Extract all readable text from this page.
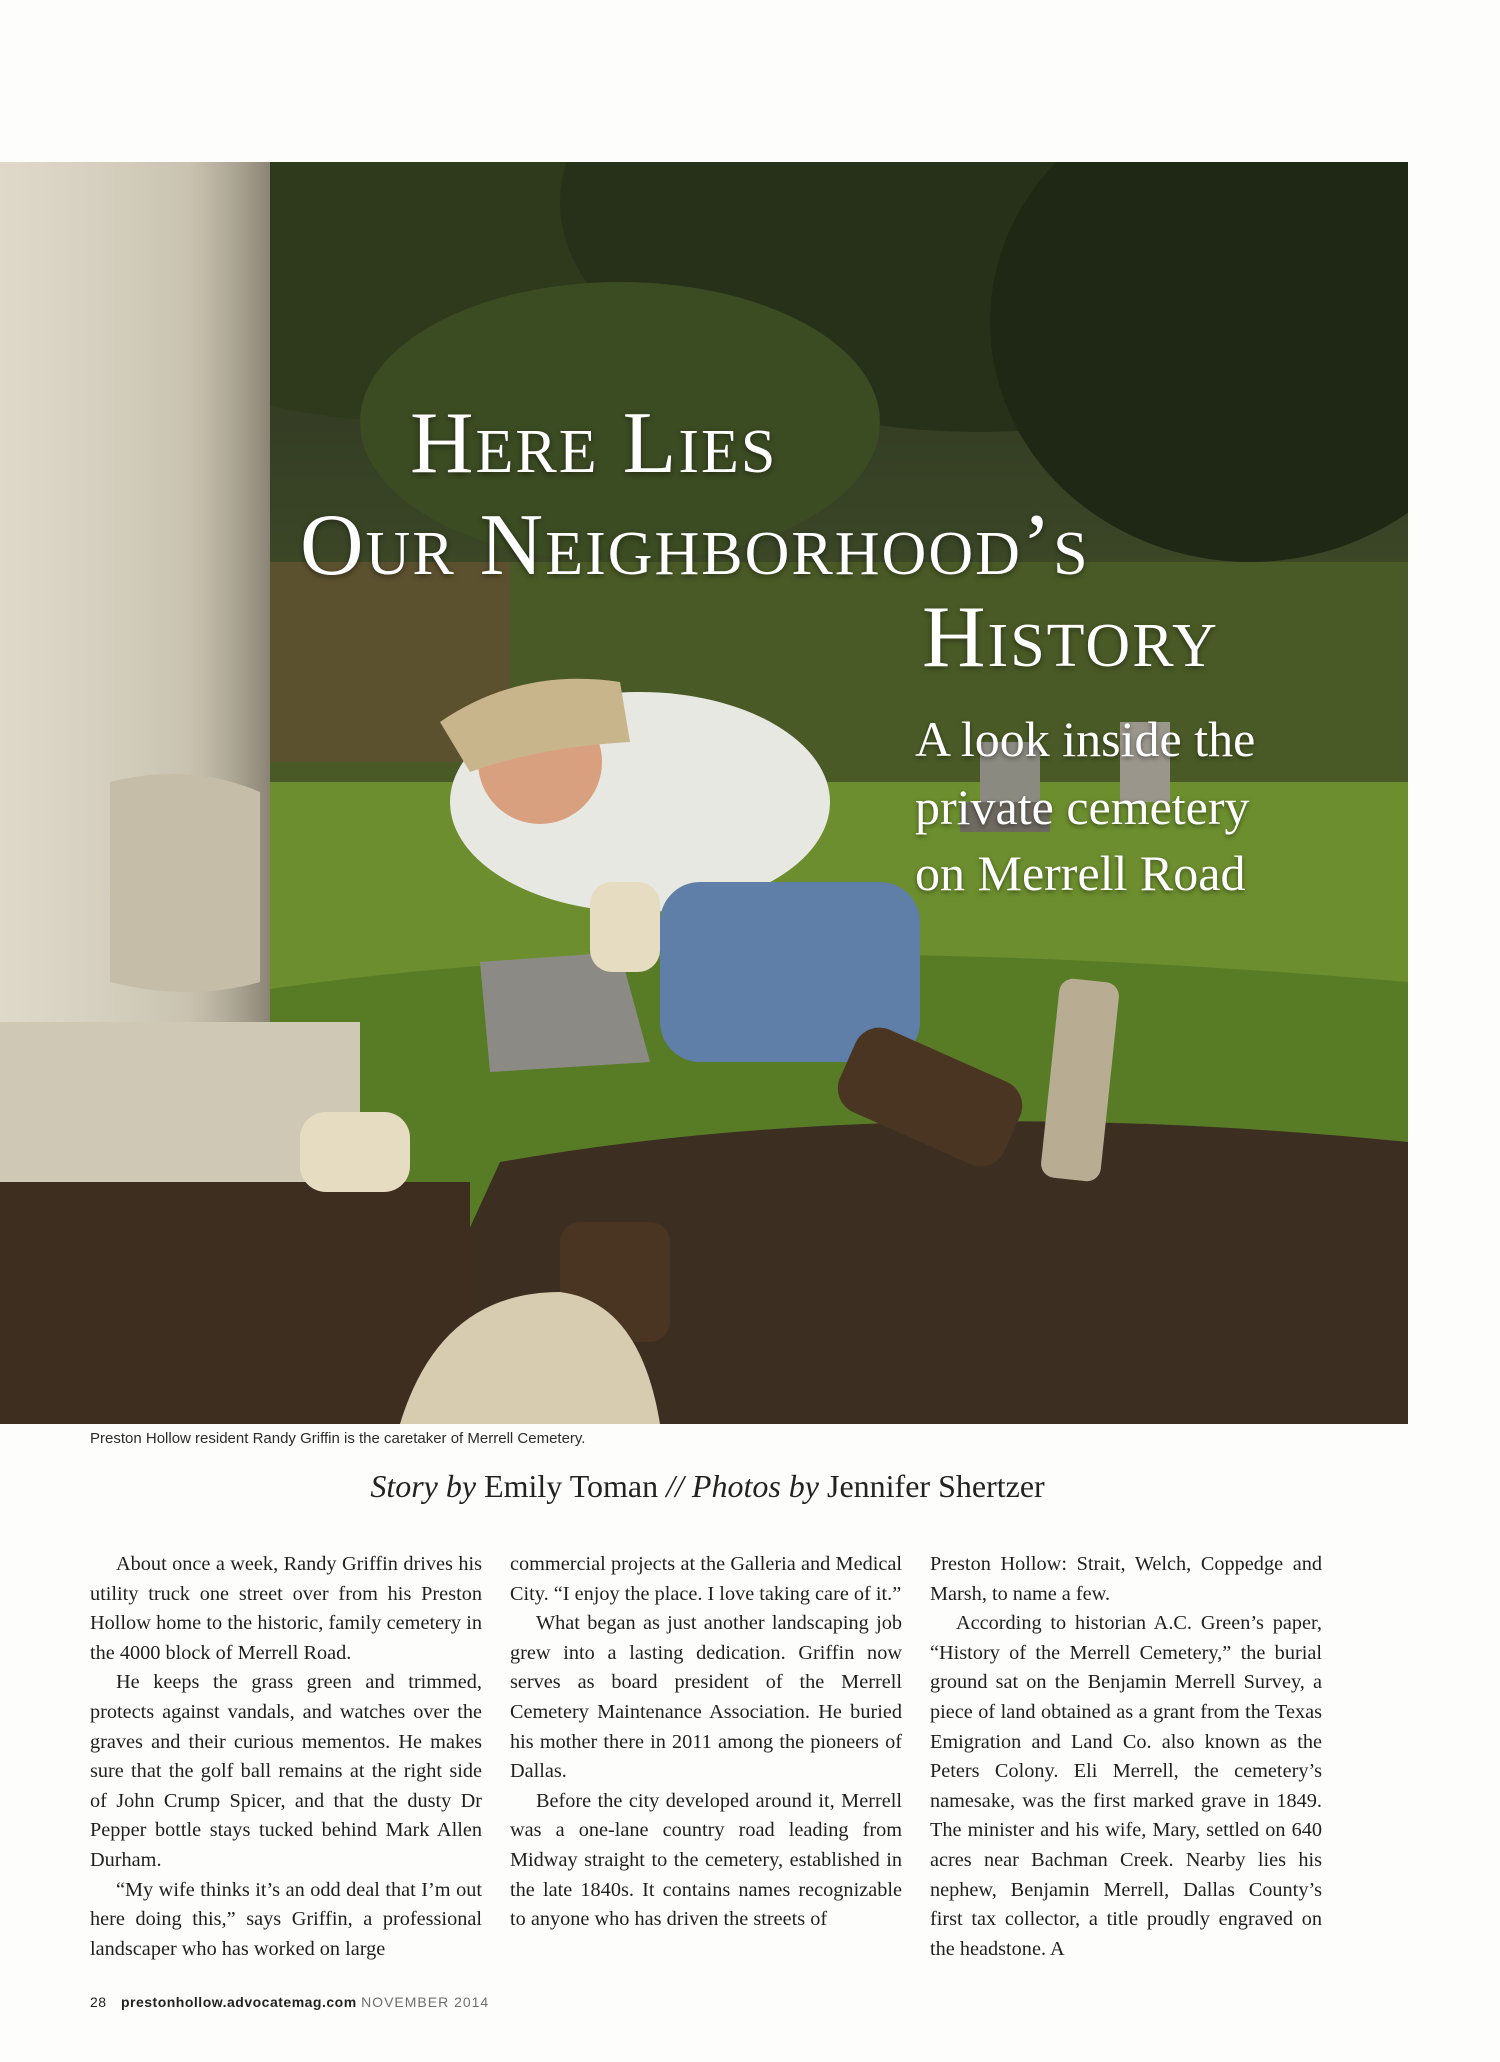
Here Lies
Our Neighborhood’s
History
A look inside the
private cemetery
on Merrell Road
Preston Hollow resident Randy Griffin is the caretaker of Merrell Cemetery.
Story by Emily Toman // Photos by Jennifer Shertzer

About once a week, Randy Griffin drives his utility truck one street over from his Preston Hollow home to the historic, family cemetery in the 4000 block of Merrell Road.

He keeps the grass green and trimmed, protects against vandals, and watches over the graves and their curious mementos. He makes sure that the golf ball remains at the right side of John Crump Spicer, and that the dusty Dr Pepper bottle stays tucked behind Mark Allen Durham.

“My wife thinks it’s an odd deal that I’m out here doing this,” says Griffin, a professional landscaper who has worked on large

commercial projects at the Galleria and Medical City. “I enjoy the place. I love taking care of it.”

What began as just another landscaping job grew into a lasting dedication. Griffin now serves as board president of the Merrell Cemetery Maintenance Association. He buried his mother there in 2011 among the pioneers of Dallas.

Before the city developed around it, Merrell was a one-lane country road leading from Midway straight to the cemetery, established in the late 1840s. It contains names recognizable to anyone who has driven the streets of

Preston Hollow: Strait, Welch, Coppedge and Marsh, to name a few.

According to historian A.C. Green’s paper, “History of the Merrell Cemetery,” the burial ground sat on the Benjamin Merrell Survey, a piece of land obtained as a grant from the Texas Emigration and Land Co. also known as the Peters Colony. Eli Merrell, the cemetery’s namesake, was the first marked grave in 1849. The minister and his wife, Mary, settled on 640 acres near Bachman Creek. Nearby lies his nephew, Benjamin Merrell, Dallas County’s first tax collector, a title proudly engraved on the headstone. A

28 prestonhollow.advocatemag.com NOVEMBER 2014
